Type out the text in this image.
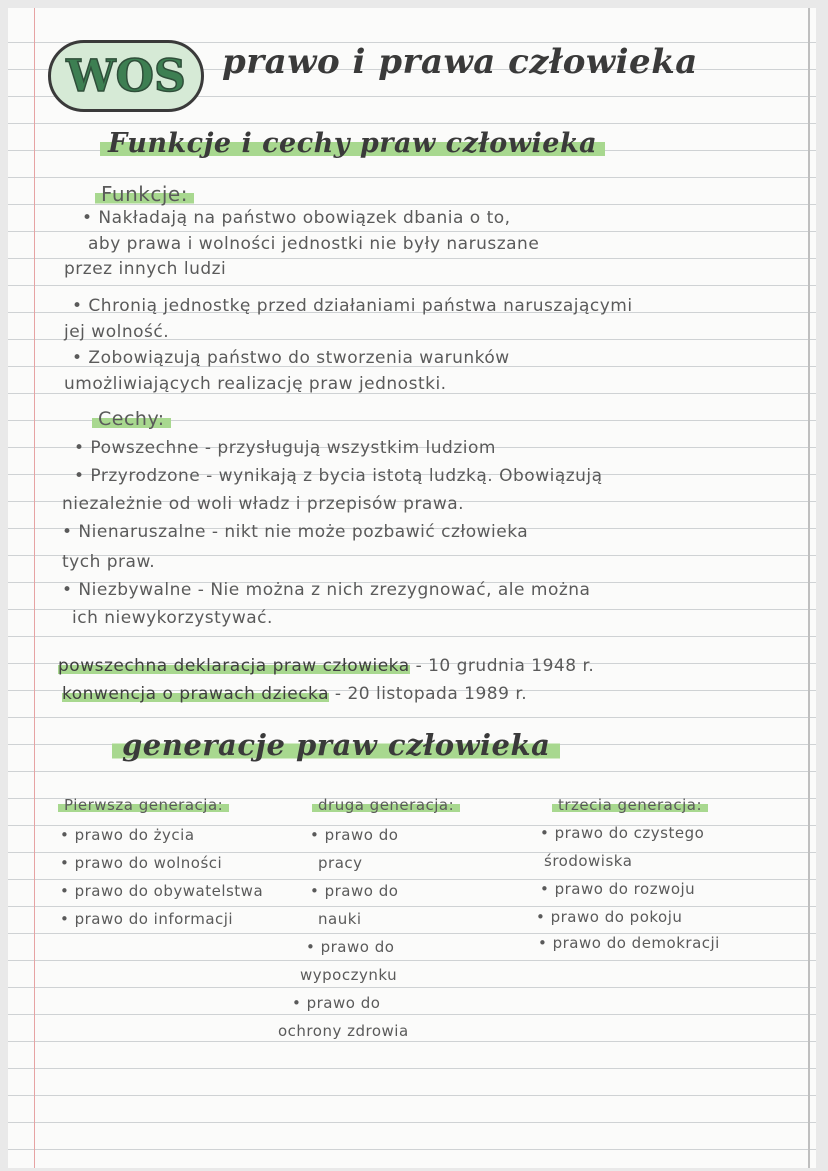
WOS prawo i prawa człowieka
Funkcje i cechy praw człowieka
Funkcje:
• Nakładają na państwo obowiązek dbania o to,
aby prawa i wolności jednostki nie były naruszane
przez innych ludzi
• Chronią jednostkę przed działaniami państwa naruszającymi
jej wolność.
• Zobowiązują państwo do stworzenia warunków
umożliwiających realizację praw jednostki.
Cechy:
• Powszechne - przysługują wszystkim ludziom
• Przyrodzone - wynikają z bycia istotą ludzką. Obowiązują
niezależnie od woli władz i przepisów prawa.
• Nienaruszalne - nikt nie może pozbawić człowieka
tych praw.
• Niezbywalne - Nie można z nich zrezygnować, ale można
ich niewykorzystywać.
powszechna deklaracja praw człowieka - 10 grudnia 1948 r.
konwencja o prawach dziecka - 20 listopada 1989 r.
generacje praw człowieka
Pierwsza generacja:
• prawo do życia
• prawo do wolności
• prawo do obywatelstwa
• prawo do informacji
druga generacja:
• prawo do
pracy
• prawo do
nauki
• prawo do
wypoczynku
• prawo do
ochrony zdrowia
trzecia generacja:
• prawo do czystego
środowiska
• prawo do rozwoju
• prawo do pokoju
• prawo do demokracji
